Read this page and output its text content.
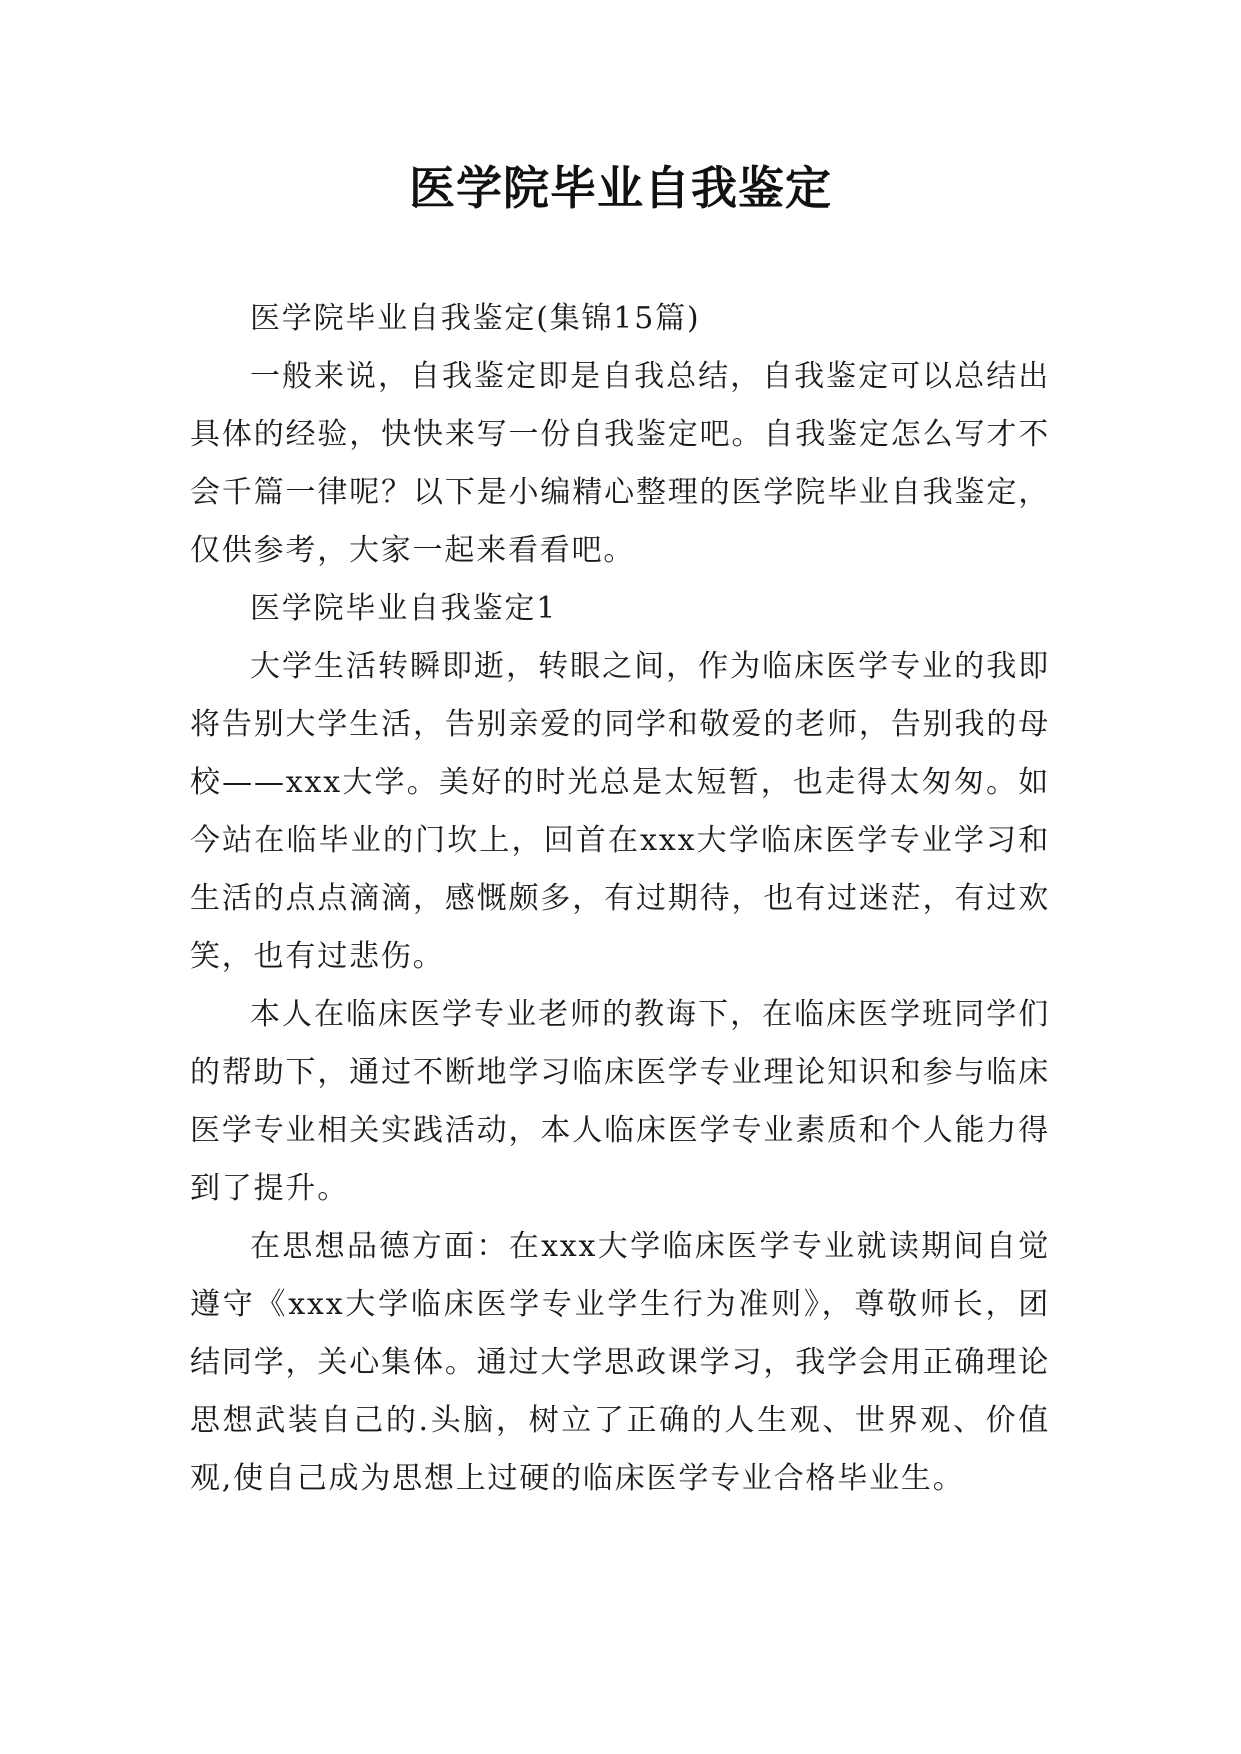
医学院毕业自我鉴定

医学院毕业自我鉴定(集锦15篇)

一般来说，自我鉴定即是自我总结，自我鉴定可以总结出具体的经验，快快来写一份自我鉴定吧。自我鉴定怎么写才不会千篇一律呢？以下是小编精心整理的医学院毕业自我鉴定，仅供参考，大家一起来看看吧。

医学院毕业自我鉴定1

大学生活转瞬即逝，转眼之间，作为临床医学专业的我即将告别大学生活，告别亲爱的同学和敬爱的老师，告别我的母校——xxx大学。美好的时光总是太短暂，也走得太匆匆。如今站在临毕业的门坎上，回首在xxx大学临床医学专业学习和生活的点点滴滴，感慨颇多，有过期待，也有过迷茫，有过欢笑，也有过悲伤。

本人在临床医学专业老师的教诲下，在临床医学班同学们的帮助下，通过不断地学习临床医学专业理论知识和参与临床医学专业相关实践活动，本人临床医学专业素质和个人能力得到了提升。

在思想品德方面：在xxx大学临床医学专业就读期间自觉遵守《xxx大学临床医学专业学生行为准则》，尊敬师长，团结同学，关心集体。通过大学思政课学习，我学会用正确理论思想武装自己的.头脑，树立了正确的人生观、世界观、价值观,使自己成为思想上过硬的临床医学专业合格毕业生。
